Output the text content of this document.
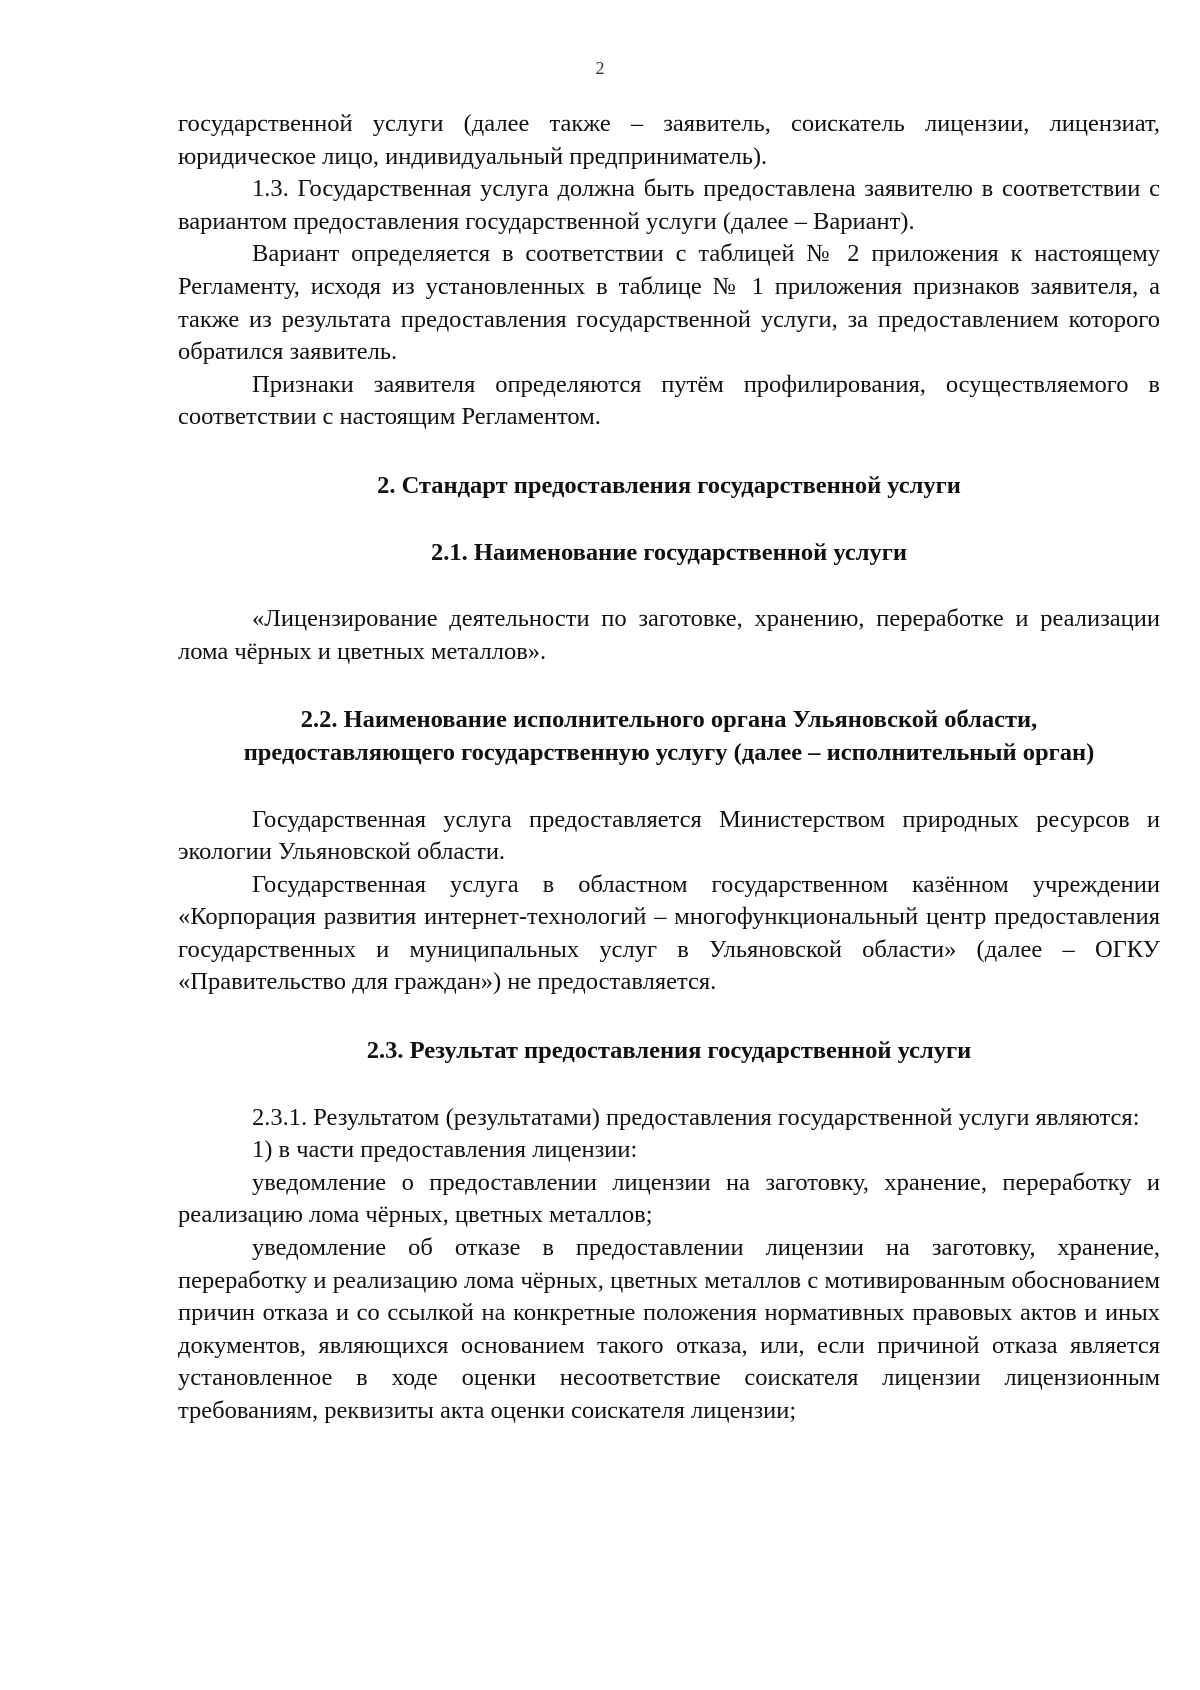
2

государственной услуги (далее также – заявитель, соискатель лицензии, лицензиат, юридическое лицо, индивидуальный предприниматель).

1.3. Государственная услуга должна быть предоставлена заявителю в соответствии с вариантом предоставления государственной услуги (далее – Вариант).

Вариант определяется в соответствии с таблицей № 2 приложения к настоящему Регламенту, исходя из установленных в таблице № 1 приложения признаков заявителя, а также из результата предоставления государственной услуги, за предоставлением которого обратился заявитель.

Признаки заявителя определяются путём профилирования, осуществляемого в соответствии с настоящим Регламентом.

2. Стандарт предоставления государственной услуги
2.1. Наименование государственной услуги

«Лицензирование деятельности по заготовке, хранению, переработке и реализации лома чёрных и цветных металлов».

2.2. Наименование исполнительного органа Ульяновской области,
предоставляющего государственную услугу (далее – исполнительный орган)

Государственная услуга предоставляется Министерством природных ресурсов и экологии Ульяновской области.

Государственная услуга в областном государственном казённом учреждении «Корпорация развития интернет-технологий – многофункциональный центр предоставления государственных и муниципальных услуг в Ульяновской области» (далее – ОГКУ «Правительство для граждан») не предоставляется.

2.3. Результат предоставления государственной услуги

2.3.1. Результатом (результатами) предоставления государственной услуги являются:

1) в части предоставления лицензии:

уведомление о предоставлении лицензии на заготовку, хранение, переработку и реализацию лома чёрных, цветных металлов;

уведомление об отказе в предоставлении лицензии на заготовку, хранение, переработку и реализацию лома чёрных, цветных металлов с мотивированным обоснованием причин отказа и со ссылкой на конкретные положения нормативных правовых актов и иных документов, являющихся основанием такого отказа, или, если причиной отказа является установленное в ходе оценки несоответствие соискателя лицензии лицензионным требованиям, реквизиты акта оценки соискателя лицензии;
